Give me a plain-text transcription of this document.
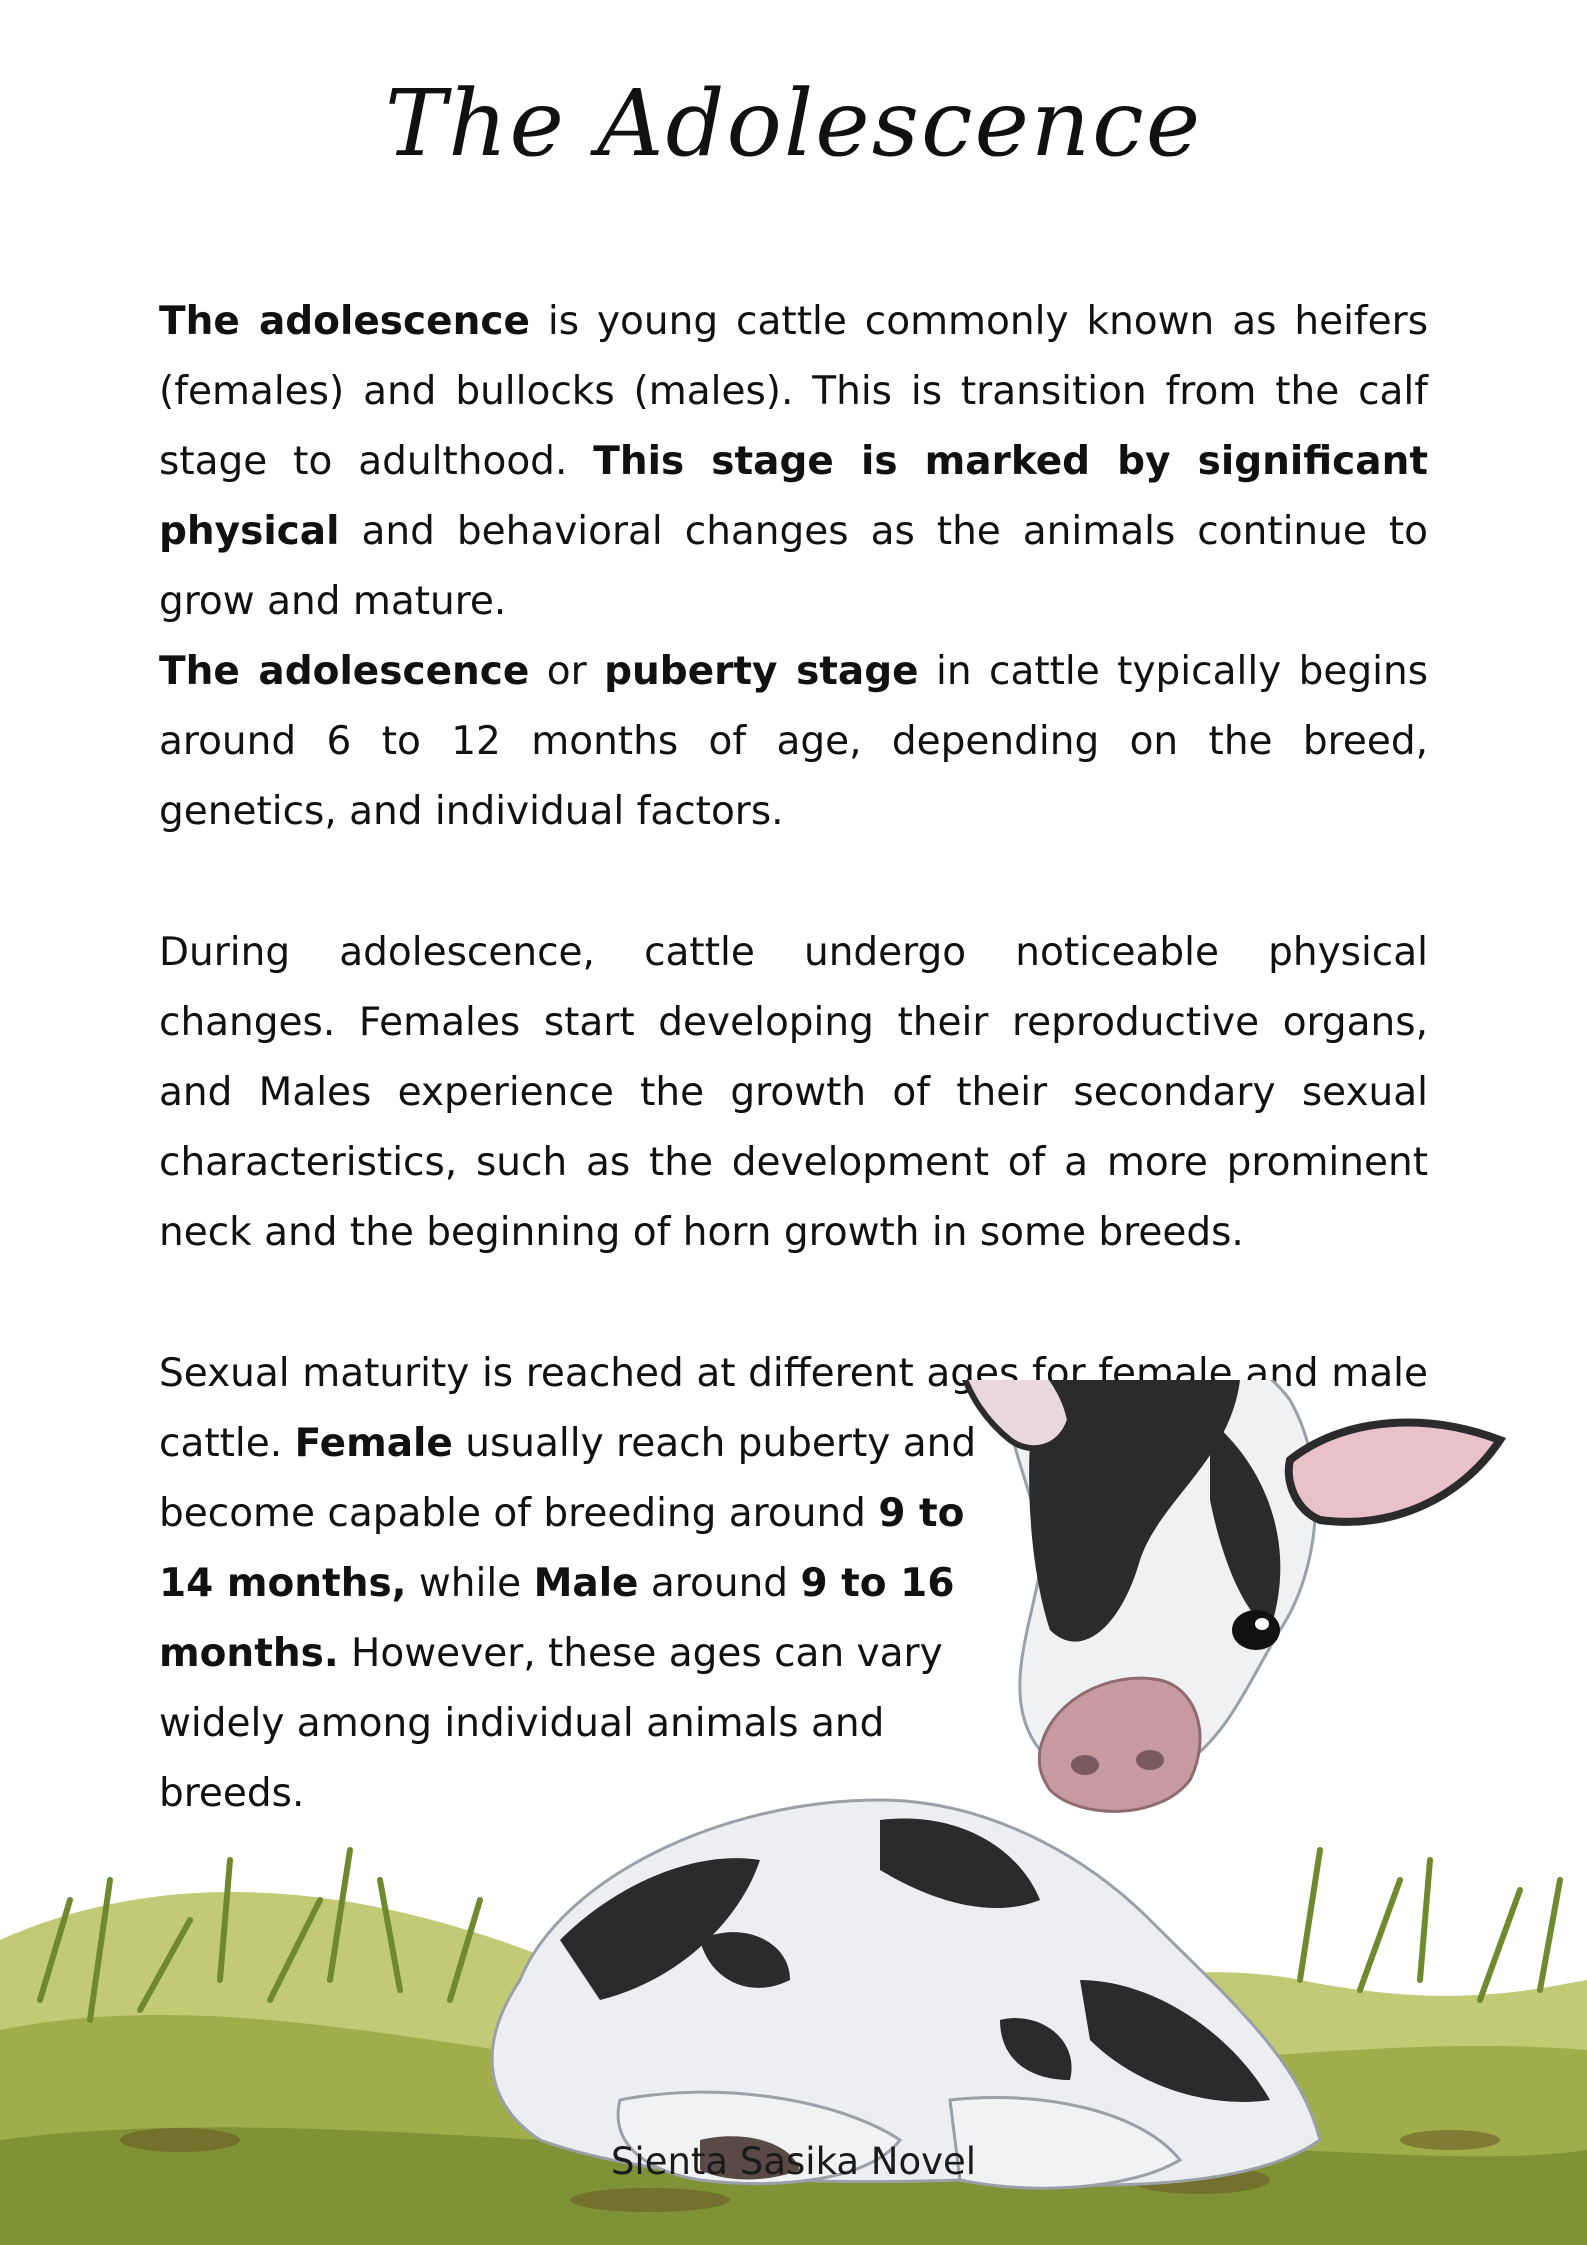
The Adolescence

The adolescence is young cattle commonly known as heifers (females) and bullocks (males). This is transition from the calf stage to adulthood. This stage is marked by significant physical and behavioral changes as the animals continue to grow and mature.

The adolescence or puberty stage in cattle typically begins around 6 to 12 months of age, depending on the breed, genetics, and individual factors.

During adolescence, cattle undergo noticeable physical changes. Females start developing their reproductive organs, and Males experience the growth of their secondary sexual characteristics, such as the development of a more prominent neck and the beginning of horn growth in some breeds.

Sexual maturity is reached at different ages for female and male

cattle. Female usually reach puberty and become capable of breeding around 9 to 14 months, while Male around 9 to 16 months. However, these ages can vary widely among individual animals and breeds.

Sienta Sasika Novel
